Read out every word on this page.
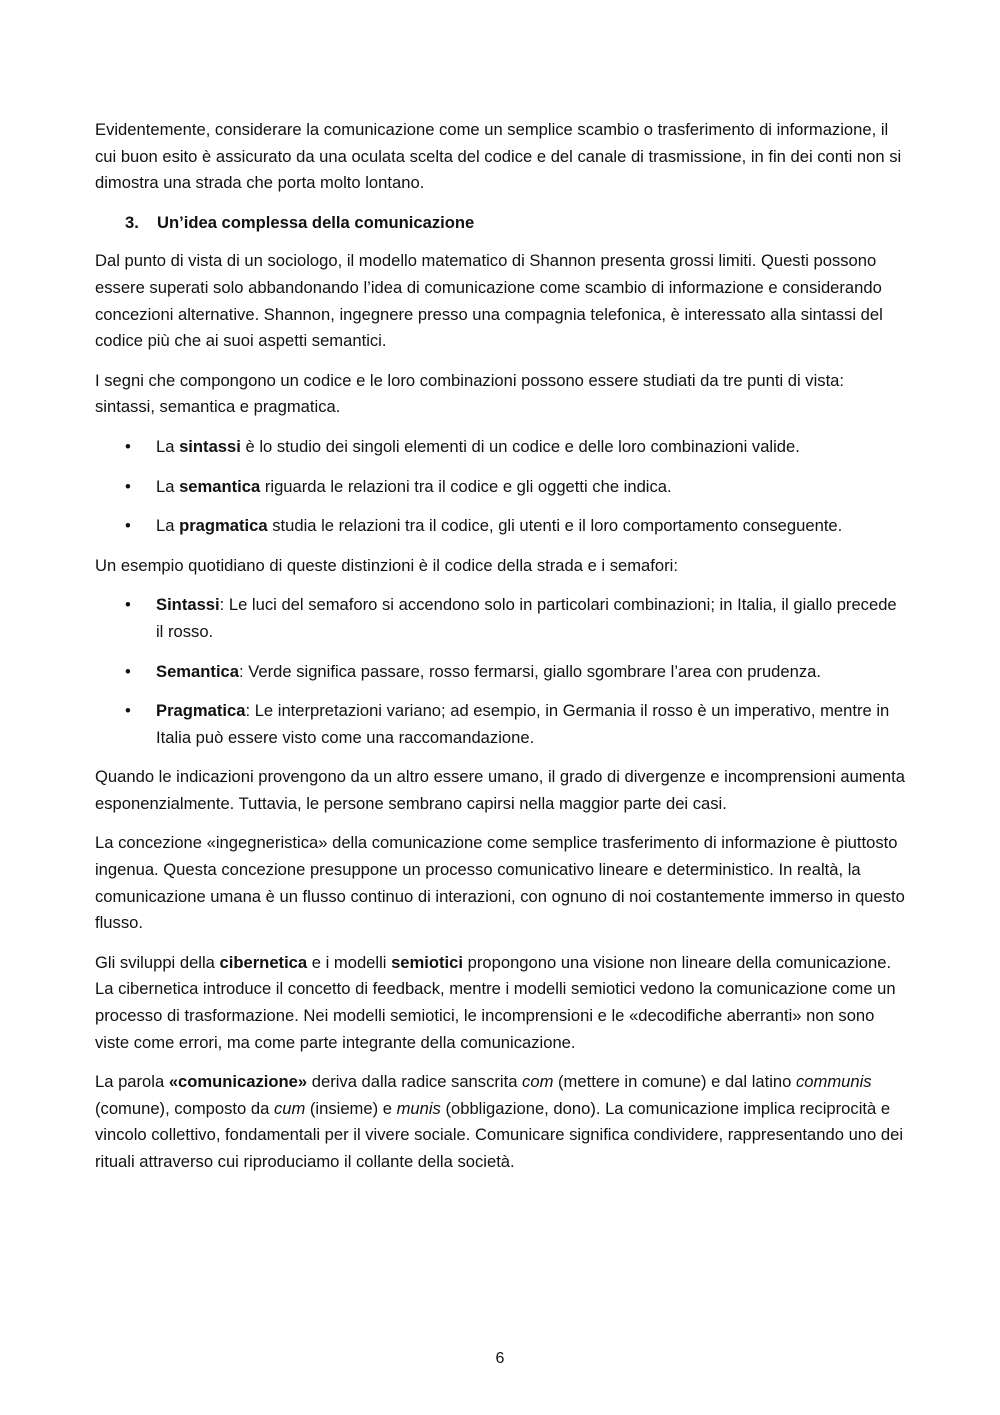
Evidentemente, considerare la comunicazione come un semplice scambio o trasferimento di informazione, il cui buon esito è assicurato da una oculata scelta del codice e del canale di trasmissione, in fin dei conti non si dimostra una strada che porta molto lontano.

3. Un’idea complessa della comunicazione

Dal punto di vista di un sociologo, il modello matematico di Shannon presenta grossi limiti. Questi possono essere superati solo abbandonando l’idea di comunicazione come scambio di informazione e considerando concezioni alternative. Shannon, ingegnere presso una compagnia telefonica, è interessato alla sintassi del codice più che ai suoi aspetti semantici.

I segni che compongono un codice e le loro combinazioni possono essere studiati da tre punti di vista: sintassi, semantica e pragmatica.

• La sintassi è lo studio dei singoli elementi di un codice e delle loro combinazioni valide.
• La semantica riguarda le relazioni tra il codice e gli oggetti che indica.
• La pragmatica studia le relazioni tra il codice, gli utenti e il loro comportamento conseguente.

Un esempio quotidiano di queste distinzioni è il codice della strada e i semafori:

• Sintassi: Le luci del semaforo si accendono solo in particolari combinazioni; in Italia, il giallo precede il rosso.
• Semantica: Verde significa passare, rosso fermarsi, giallo sgombrare l’area con prudenza.
• Pragmatica: Le interpretazioni variano; ad esempio, in Germania il rosso è un imperativo, mentre in Italia può essere visto come una raccomandazione.

Quando le indicazioni provengono da un altro essere umano, il grado di divergenze e incomprensioni aumenta esponenzialmente. Tuttavia, le persone sembrano capirsi nella maggior parte dei casi.

La concezione «ingegneristica» della comunicazione come semplice trasferimento di informazione è piuttosto ingenua. Questa concezione presuppone un processo comunicativo lineare e deterministico. In realtà, la comunicazione umana è un flusso continuo di interazioni, con ognuno di noi costantemente immerso in questo flusso.

Gli sviluppi della cibernetica e i modelli semiotici propongono una visione non lineare della comunicazione. La cibernetica introduce il concetto di feedback, mentre i modelli semiotici vedono la comunicazione come un processo di trasformazione. Nei modelli semiotici, le incomprensioni e le «decodifiche aberranti» non sono viste come errori, ma come parte integrante della comunicazione.

La parola «comunicazione» deriva dalla radice sanscrita com (mettere in comune) e dal latino communis (comune), composto da cum (insieme) e munis (obbligazione, dono). La comunicazione implica reciprocità e vincolo collettivo, fondamentali per il vivere sociale. Comunicare significa condividere, rappresentando uno dei rituali attraverso cui riproduciamo il collante della società.

6
